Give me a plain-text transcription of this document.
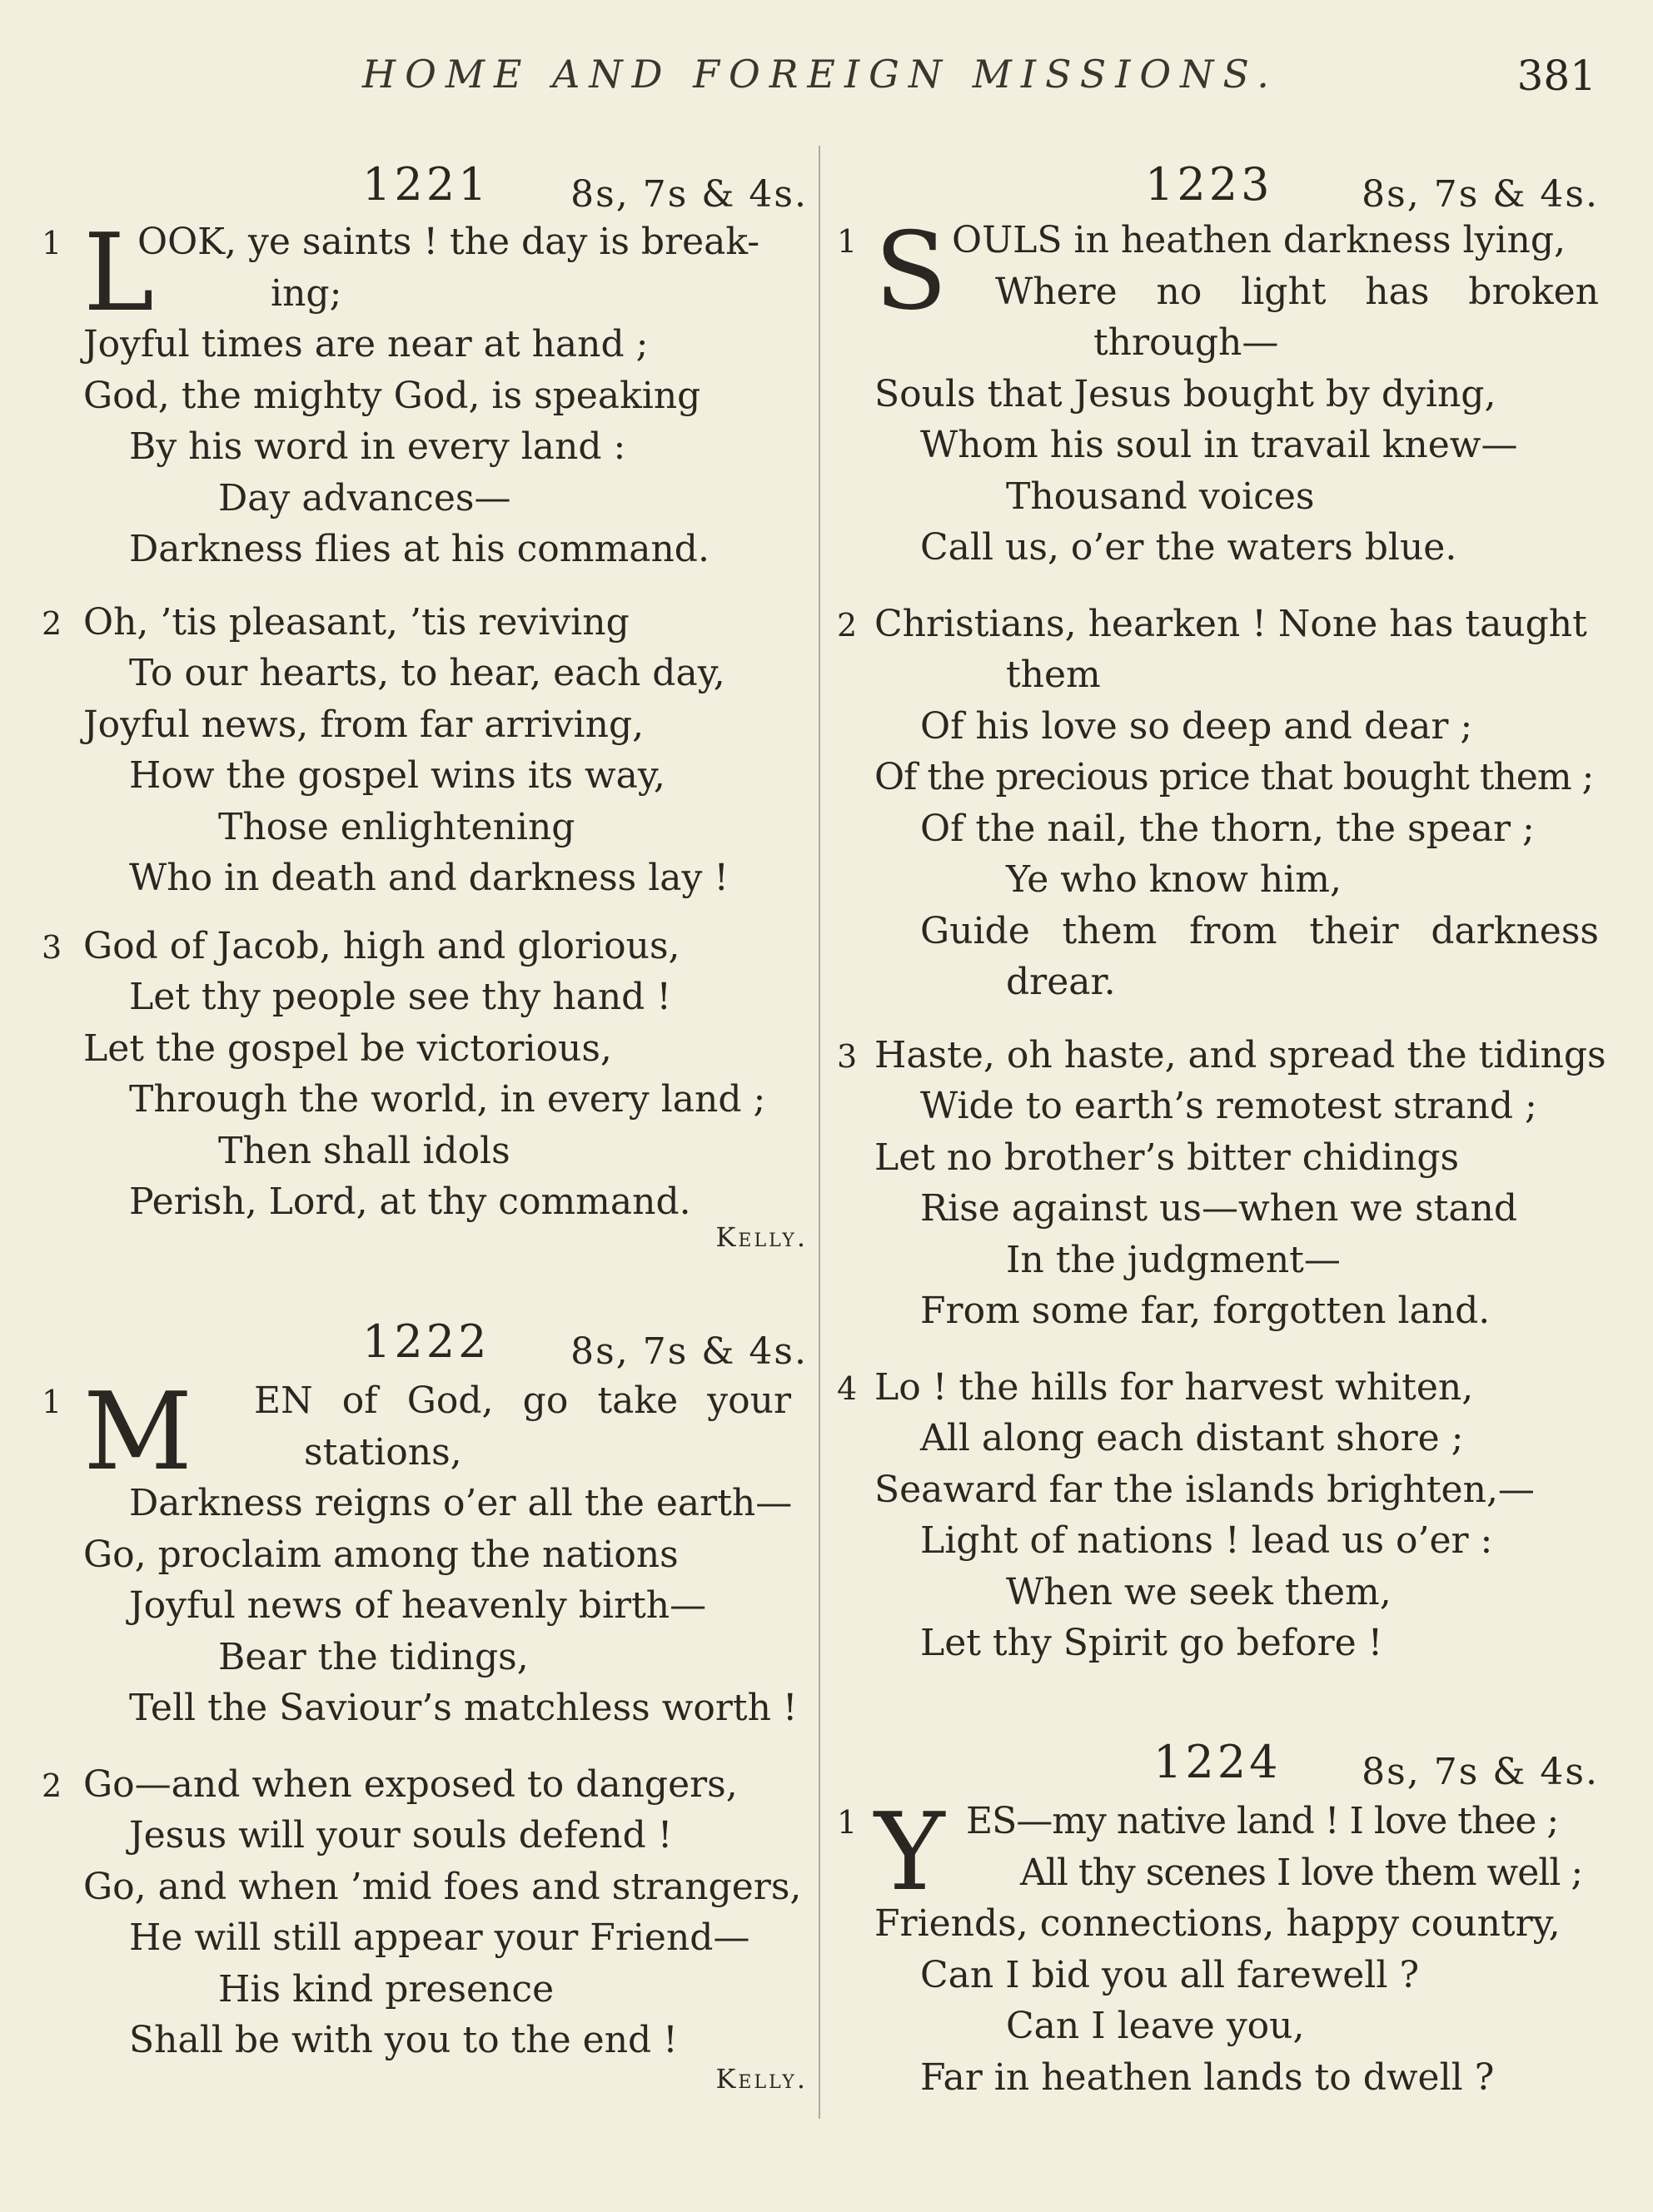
HOME AND FOREIGN MISSIONS.	381
1221 8s, 7s & 4s.
1 L
OOK, ye saints ! the day is break-
ing;
Joyful times are near at hand ;
God, the mighty God, is speaking
By his word in every land :
Day advances—
Darkness flies at his command.
2 Oh, ’tis pleasant, ’tis reviving
To our hearts, to hear, each day,
Joyful news, from far arriving,
How the gospel wins its way,
Those enlightening
Who in death and darkness lay !
3 God of Jacob, high and glorious,
Let thy people see thy hand !
Let the gospel be victorious,
Through the world, in every land ;
Then shall idols
Perish, Lord, at thy command.
Kelly.
1222 8s, 7s & 4s.
1 M	EN of God, go take your
stations,
Darkness reigns o’er all the earth—
Go, proclaim among the nations
Joyful news of heavenly birth—
Bear the tidings,
Tell the Saviour’s matchless worth !
2 Go—and when exposed to dangers,
Jesus will your souls defend !
Go, and when ’mid foes and strangers,
He will still appear your Friend—
His kind presence
Shall be with you to the end !
Kelly.
1223 8s, 7s & 4s.
1 S OULS in heathen darkness lying,
Where no light has broken
through—
Souls that Jesus bought by dying,
Whom his soul in travail knew—
Thousand voices
Call us, o’er the waters blue.
2 Christians, hearken ! None has taught
them
Of his love so deep and dear ;
Of the precious price that bought them ;
Of the nail, the thorn, the spear ;
Ye who know him,
Guide them from their darkness
drear.
3 Haste, oh haste, and spread the tidings
Wide to earth’s remotest strand ;
Let no brother’s bitter chidings
Rise against us—when we stand
In the judgment—
From some far, forgotten land.
4 Lo ! the hills for harvest whiten,
All along each distant shore ;
Seaward far the islands brighten,—
Light of nations ! lead us o’er :
When we seek them,
Let thy Spirit go before !
1224 8s, 7s & 4s.
1 Y ES—my native land ! I love thee ;
All thy scenes I love them well ;
Friends, connections, happy country,
Can I bid you all farewell ?
Can I leave you,
Far in heathen lands to dwell ?
